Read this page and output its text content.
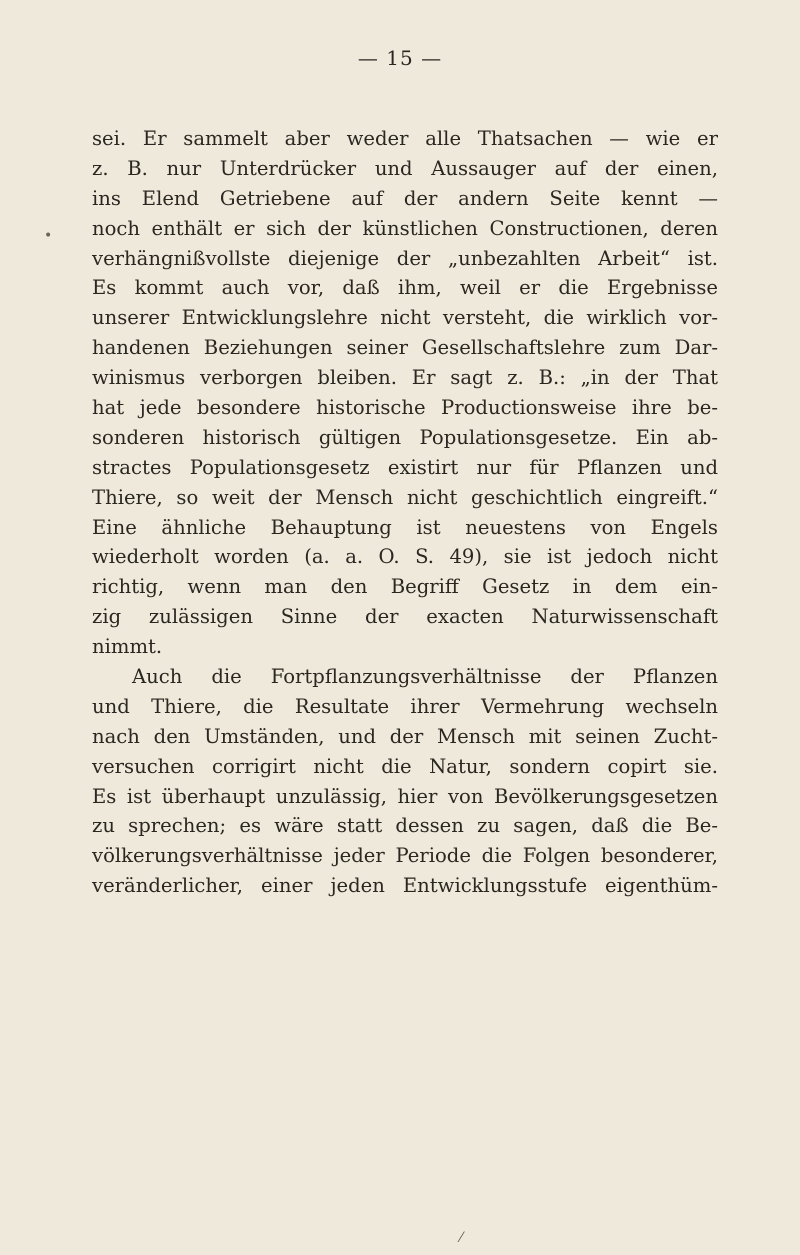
— 15 —
sei. Er sammelt aber weder alle Thatsachen — wie er
z. B. nur Unterdrücker und Aussauger auf der einen,
ins Elend Getriebene auf der andern Seite kennt —
noch enthält er sich der künstlichen Constructionen, deren
verhängnißvollste diejenige der „unbezahlten Arbeit“ ist.
Es kommt auch vor, daß ihm, weil er die Ergebnisse
unserer Entwicklungslehre nicht versteht, die wirklich vor-
handenen Beziehungen seiner Gesellschaftslehre zum Dar-
winismus verborgen bleiben. Er sagt z. B.: „in der That
hat jede besondere historische Productionsweise ihre be-
sonderen historisch gültigen Populationsgesetze. Ein ab-
stractes Populationsgesetz existirt nur für Pflanzen und
Thiere, so weit der Mensch nicht geschichtlich eingreift.“
Eine ähnliche Behauptung ist neuestens von Engels
wiederholt worden (a. a. O. S. 49), sie ist jedoch nicht
richtig, wenn man den Begriff Gesetz in dem ein-
zig zulässigen Sinne der exacten Naturwissenschaft
nimmt.
Auch die Fortpflanzungsverhältnisse der Pflanzen
und Thiere, die Resultate ihrer Vermehrung wechseln
nach den Umständen, und der Mensch mit seinen Zucht-
versuchen corrigirt nicht die Natur, sondern copirt sie.
Es ist überhaupt unzulässig, hier von Bevölkerungsgesetzen
zu sprechen; es wäre statt dessen zu sagen, daß die Be-
völkerungsverhältnisse jeder Periode die Folgen besonderer,
veränderlicher, einer jeden Entwicklungsstufe eigenthüm-
•
⁄
